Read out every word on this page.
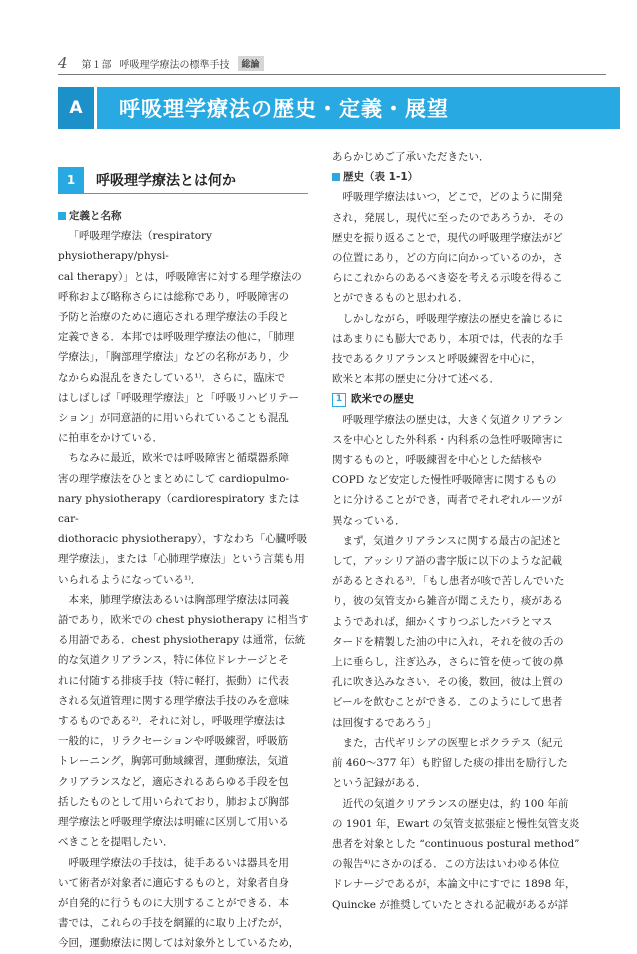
4 第１部 呼吸理学療法の標準手技	総論
A	呼吸理学療法の歴史・定義・展望
1	呼吸理学療法とは何か
定義と名称

「呼吸理学療法（respiratory physiotherapy/physi-

cal therapy）」とは，呼吸障害に対する理学療法の

呼称および略称さらには総称であり，呼吸障害の

予防と治療のために適応される理学療法の手段と

定義できる．本邦では呼吸理学療法の他に，「肺理

学療法」，「胸部理学療法」などの名称があり，少

なからぬ混乱をきたしている¹⁾．さらに，臨床で

はしばしば「呼吸理学療法」と「呼吸リハビリテー

ション」が同意語的に用いられていることも混乱

に拍車をかけている．

ちなみに最近，欧米では呼吸障害と循環器系障

害の理学療法をひとまとめにして cardiopulmo-

nary physiotherapy（cardiorespiratory または car-

diothoracic physiotherapy），すなわち「心臓呼吸

理学療法」，または「心肺理学療法」という言葉も用

いられるようになっている¹⁾．

本来，肺理学療法あるいは胸部理学療法は同義

語であり，欧米での chest physiotherapy に相当す

る用語である．chest physiotherapy は通常，伝統

的な気道クリアランス，特に体位ドレナージとそ

れに付随する排痰手技（特に軽打，振動）に代表

される気道管理に関する理学療法手技のみを意味

するものである²⁾．それに対し，呼吸理学療法は

一般的に，リラクセーションや呼吸練習，呼吸筋

トレーニング，胸郭可動域練習，運動療法，気道

クリアランスなど，適応されるあらゆる手段を包

括したものとして用いられており，肺および胸部

理学療法と呼吸理学療法は明確に区別して用いる

べきことを提唱したい．

呼吸理学療法の手技は，徒手あるいは器具を用

いて術者が対象者に適応するものと，対象者自身

が自発的に行うものに大別することができる．本

書では，これらの手技を網羅的に取り上げたが，

今回，運動療法に関しては対象外としているため，

あらかじめご了承いただきたい．

歴史（表 1-1）

呼吸理学療法はいつ，どこで，どのように開発

され，発展し，現代に至ったのであろうか．その

歴史を振り返ることで，現代の呼吸理学療法がど

の位置にあり，どの方向に向かっているのか，さ

らにこれからのあるべき姿を考える示唆を得るこ

とができるものと思われる．

しかしながら，呼吸理学療法の歴史を論じるに

はあまりにも膨大であり，本項では，代表的な手

技であるクリアランスと呼吸練習を中心に，

欧米と本邦の歴史に分けて述べる．

1 欧米での歴史

呼吸理学療法の歴史は，大きく気道クリアラン

スを中心とした外科系・内科系の急性呼吸障害に

関するものと，呼吸練習を中心とした結核や

COPD など安定した慢性呼吸障害に関するもの

とに分けることができ，両者でそれぞれルーツが

異なっている．

まず，気道クリアランスに関する最古の記述と

して，アッシリア語の書字版に以下のような記載

があるとされる³⁾．「もし患者が咳で苦しんでいた

り，彼の気管支から雑音が聞こえたり，痰がある

ようであれば，細かくすりつぶしたバラとマス

タードを精製した油の中に入れ，それを彼の舌の

上に垂らし，注ぎ込み，さらに管を使って彼の鼻

孔に吹き込みなさい．その後，数回，彼は上質の

ビールを飲むことができる．このようにして患者

は回復するであろう」

また，古代ギリシアの医聖ヒポクラテス（紀元

前 460～377 年）も貯留した痰の排出を励行した

という記録がある．

近代の気道クリアランスの歴史は，約 100 年前

の 1901 年，Ewart の気管支拡張症と慢性気管支炎

患者を対象とした “continuous postural method”

の報告⁴⁾にさかのぼる．この方法はいわゆる体位

ドレナージであるが，本論文中にすでに 1898 年，

Quincke が推奨していたとされる記載があるが詳
